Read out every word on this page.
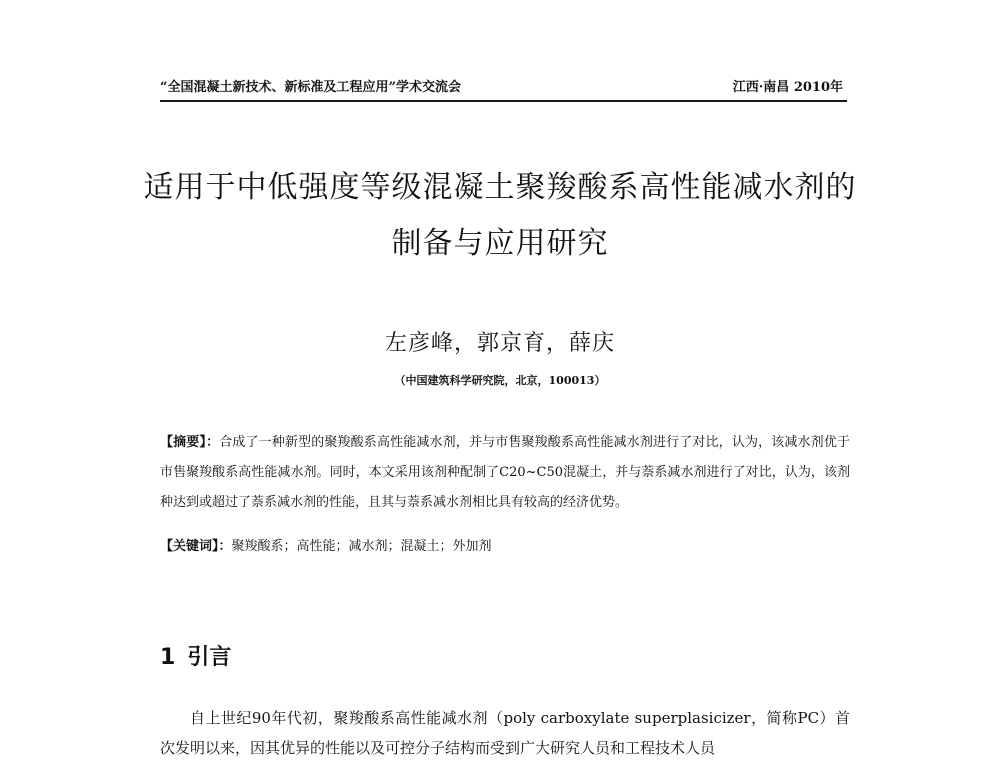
“全国混凝土新技术、新标准及工程应用”学术交流会	江西·南昌 2010年
适用于中低强度等级混凝土聚羧酸系高性能减水剂的
制备与应用研究
左彦峰，郭京育，薛庆
（中国建筑科学研究院，北京，100013）
【摘要】：合成了一种新型的聚羧酸系高性能减水剂，并与市售聚羧酸系高性能减水剂进行了对比，认为，该减水剂优于市售聚羧酸系高性能减水剂。同时，本文采用该剂种配制了C20~C50混凝土，并与萘系减水剂进行了对比，认为，该剂种达到或超过了萘系减水剂的性能，且其与萘系减水剂相比具有较高的经济优势。
【关键词】：聚羧酸系；高性能；减水剂；混凝土；外加剂
1 引言
自上世纪90年代初，聚羧酸系高性能减水剂（poly carboxylate superplasicizer，简称PC）首次发明以来，因其优异的性能以及可控分子结构而受到广大研究人员和工程技术人员
